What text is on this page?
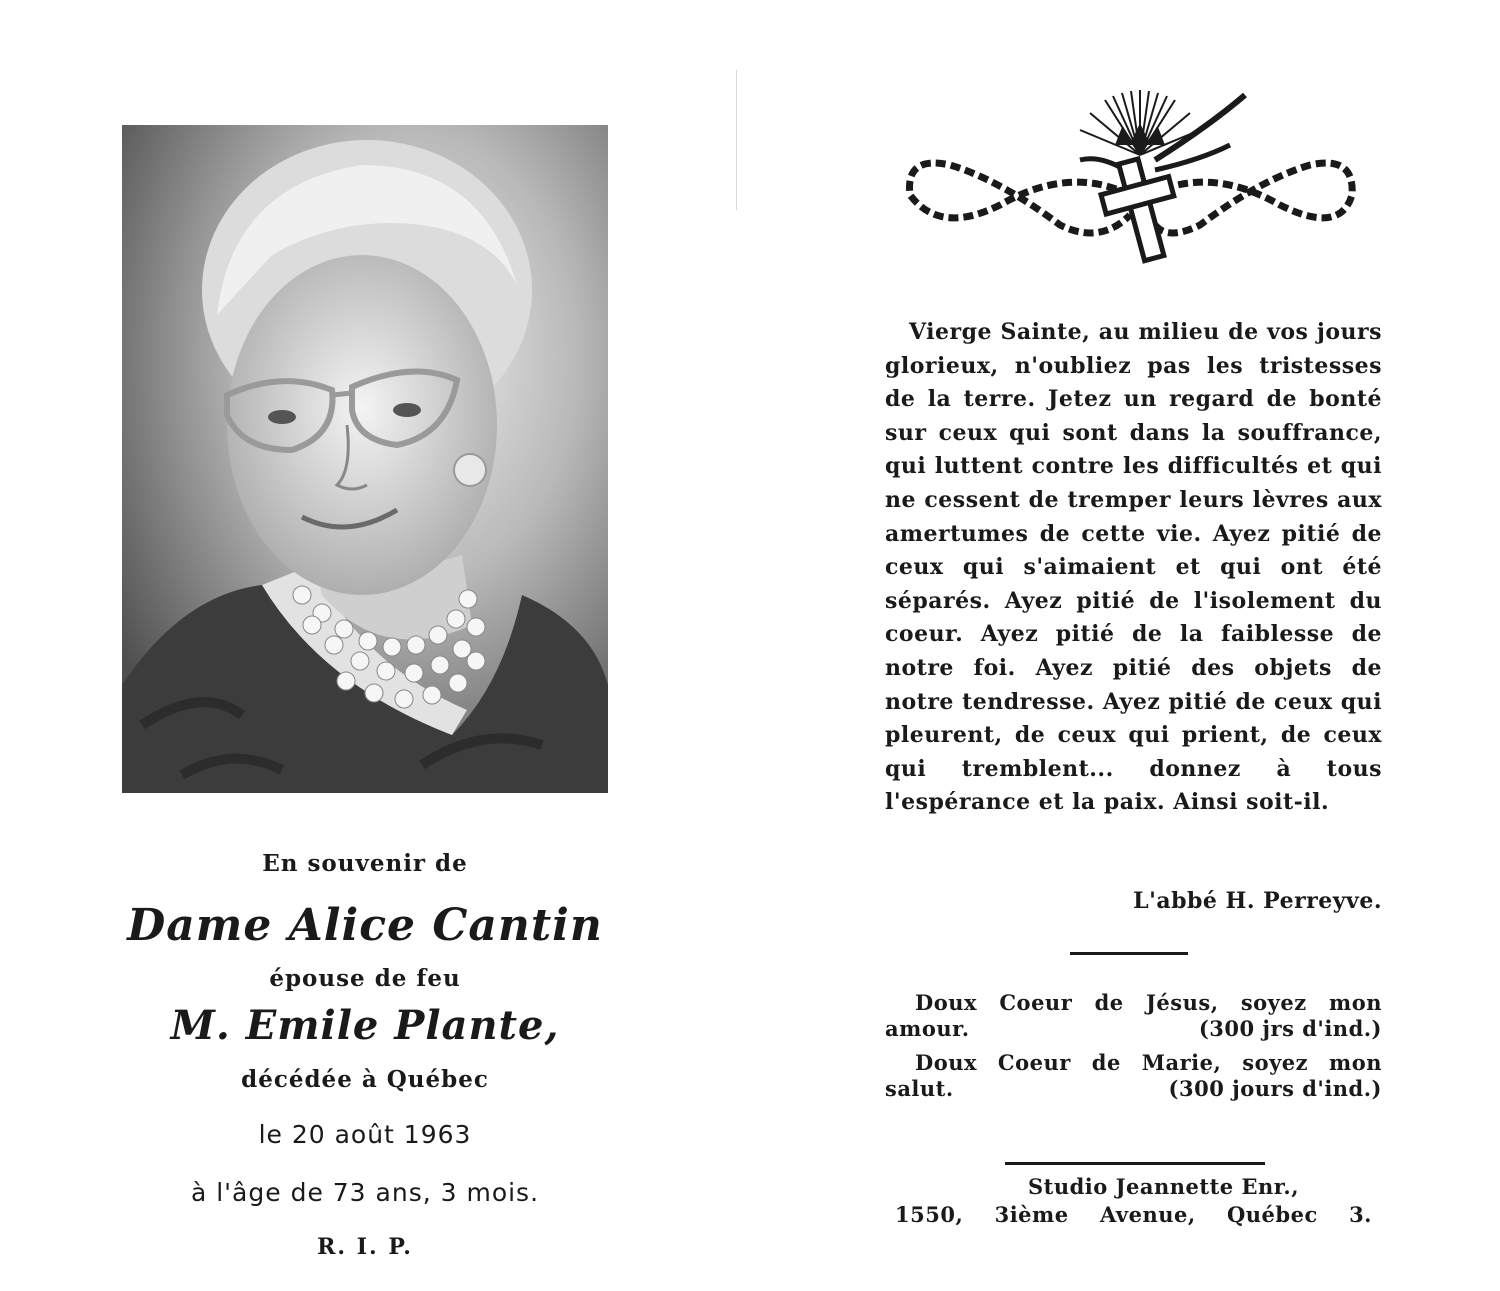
En souvenir de
Dame Alice Cantin
épouse de feu
M. Emile Plante,
décédée à Québec
le 20 août 1963
à l'âge de 73 ans, 3 mois.
R. I. P.

Vierge Sainte, au milieu de vos jours glorieux, n'oubliez pas les tristesses de la terre. Jetez un regard de bonté sur ceux qui sont dans la souffrance, qui luttent contre les difficultés et qui ne cessent de tremper leurs lèvres aux amertumes de cette vie. Ayez pitié de ceux qui s'aimaient et qui ont été séparés. Ayez pitié de l'isolement du coeur. Ayez pitié de la faiblesse de notre foi. Ayez pitié des objets de notre tendresse. Ayez pitié de ceux qui pleurent, de ceux qui prient, de ceux qui tremblent... donnez à tous l'espérance et la paix. Ainsi soit-il.

L'abbé H. Perreyve.
Doux Coeur de Jésus, soyez mon
amour.	(300 jrs d'ind.)
Doux Coeur de Marie, soyez mon
salut.	(300 jours d'ind.)
Studio Jeannette Enr.,
1550, 3ième Avenue, Québec 3.
